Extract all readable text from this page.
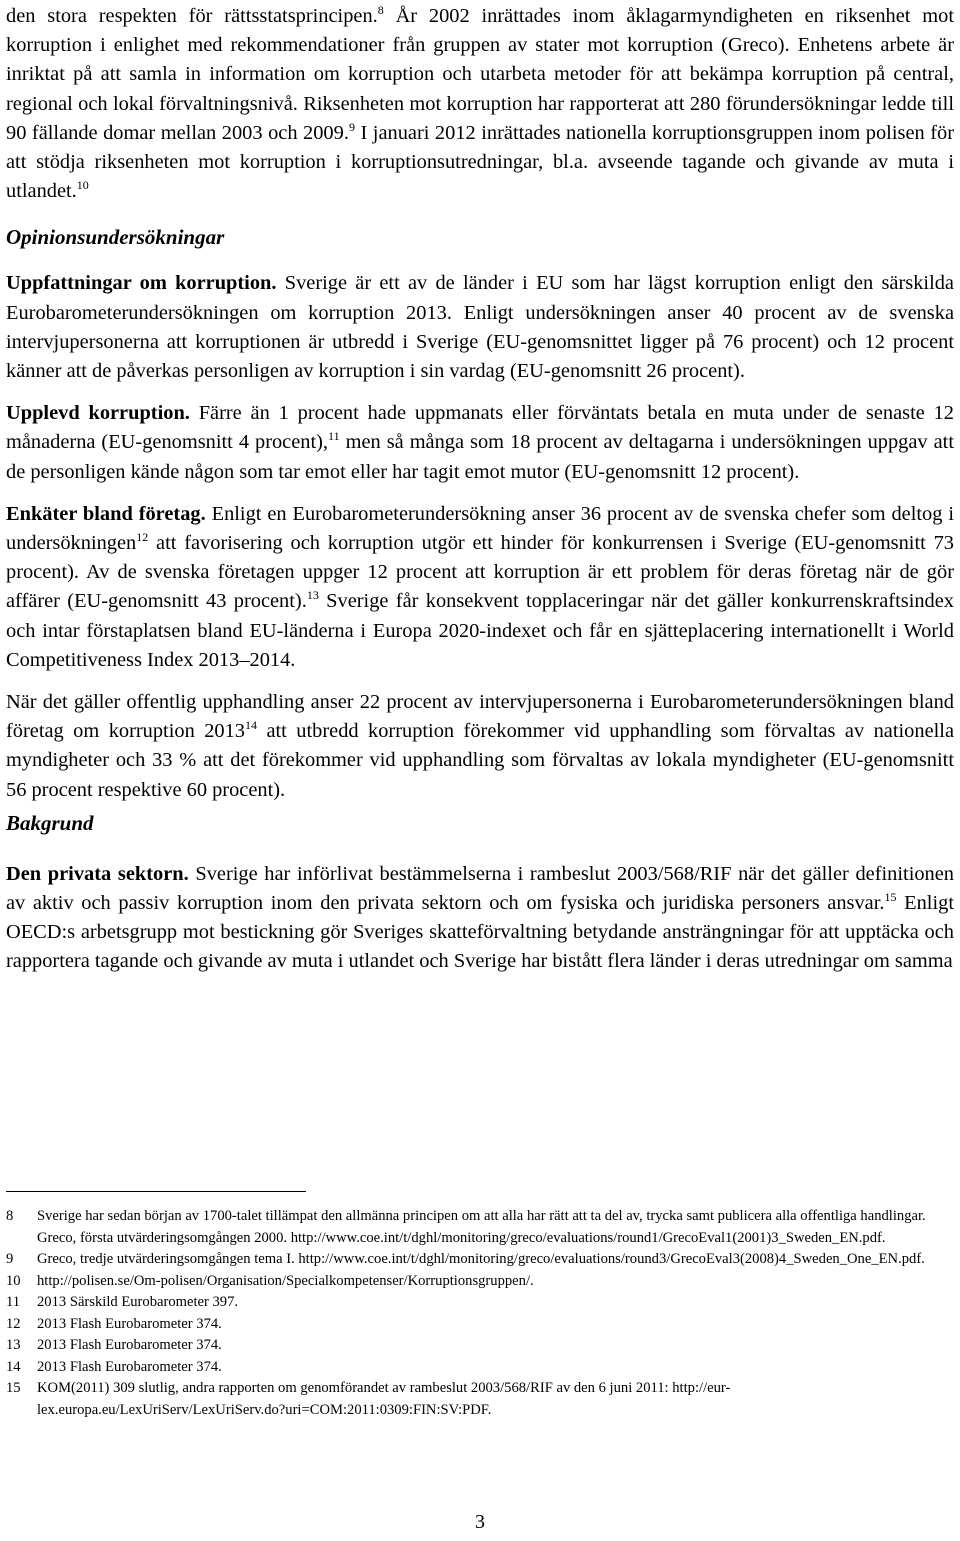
den stora respekten för rättsstatsprincipen.$^8$ År 2002 inrättades inom åklagarmyndigheten en riksenhet mot korruption i enlighet med rekommendationer från gruppen av stater mot korruption (Greco). Enhetens arbete är inriktat på att samla in information om korruption och utarbeta metoder för att bekämpa korruption på central, regional och lokal förvaltningsnivå. Riksenheten mot korruption har rapporterat att 280 förundersökningar ledde till 90 fällande domar mellan 2003 och 2009.$^9$ I januari 2012 inrättades nationella korruptionsgruppen inom polisen för att stödja riksenheten mot korruption i korruptionsutredningar, bl.a. avseende tagande och givande av muta i utlandet.$^{10}$

Opinionsundersökningar

Uppfattningar om korruption. Sverige är ett av de länder i EU som har lägst korruption enligt den särskilda Eurobarometerundersökningen om korruption 2013. Enligt undersökningen anser 40 procent av de svenska intervjupersonerna att korruptionen är utbredd i Sverige (EU-genomsnittet ligger på 76 procent) och 12 procent känner att de påverkas personligen av korruption i sin vardag (EU-genomsnitt 26 procent).

Upplevd korruption. Färre än 1 procent hade uppmanats eller förväntats betala en muta under de senaste 12 månaderna (EU-genomsnitt 4 procent),$^{11}$ men så många som 18 procent av deltagarna i undersökningen uppgav att de personligen kände någon som tar emot eller har tagit emot mutor (EU-genomsnitt 12 procent).

Enkäter bland företag. Enligt en Eurobarometerundersökning anser 36 procent av de svenska chefer som deltog i undersökningen$^{12}$ att favorisering och korruption utgör ett hinder för konkurrensen i Sverige (EU-genomsnitt 73 procent). Av de svenska företagen uppger 12 procent att korruption är ett problem för deras företag när de gör affärer (EU-genomsnitt 43 procent).$^{13}$ Sverige får konsekvent topplaceringar när det gäller konkurrenskraftsindex och intar förstaplatsen bland EU-länderna i Europa 2020-indexet och får en sjätteplacering internationellt i World Competitiveness Index 2013–2014.

När det gäller offentlig upphandling anser 22 procent av intervjupersonerna i Eurobarometerundersökningen bland företag om korruption 2013$^{14}$ att utbredd korruption förekommer vid upphandling som förvaltas av nationella myndigheter och 33 % att det förekommer vid upphandling som förvaltas av lokala myndigheter (EU-genomsnitt 56 procent respektive 60 procent).

Bakgrund

Den privata sektorn. Sverige har införlivat bestämmelserna i rambeslut 2003/568/RIF när det gäller definitionen av aktiv och passiv korruption inom den privata sektorn och om fysiska och juridiska personers ansvar.$^{15}$ Enligt OECD:s arbetsgrupp mot bestickning gör Sveriges skatteförvaltning betydande ansträngningar för att upptäcka och rapportera tagande och givande av muta i utlandet och Sverige har bistått flera länder i deras utredningar om samma

8	Sverige har sedan början av 1700-talet tillämpat den allmänna principen om att alla har rätt att ta del av, trycka samt publicera alla offentliga handlingar. Greco, första utvärderingsomgången 2000. http://www.coe.int/t/dghl/monitoring/greco/evaluations/round1/GrecoEval1(2001)3_Sweden_EN.pdf.
9	Greco, tredje utvärderingsomgången tema I. http://www.coe.int/t/dghl/monitoring/greco/evaluations/round3/GrecoEval3(2008)4_Sweden_One_EN.pdf.
10	http://polisen.se/Om-polisen/Organisation/Specialkompetenser/Korruptionsgruppen/.
11	2013 Särskild Eurobarometer 397.
12	2013 Flash Eurobarometer 374.
13	2013 Flash Eurobarometer 374.
14	2013 Flash Eurobarometer 374.
15	KOM(2011) 309 slutlig, andra rapporten om genomförandet av rambeslut 2003/568/RIF av den 6 juni 2011: http://eur-lex.europa.eu/LexUriServ/LexUriServ.do?uri=COM:2011:0309:FIN:SV:PDF.
3
